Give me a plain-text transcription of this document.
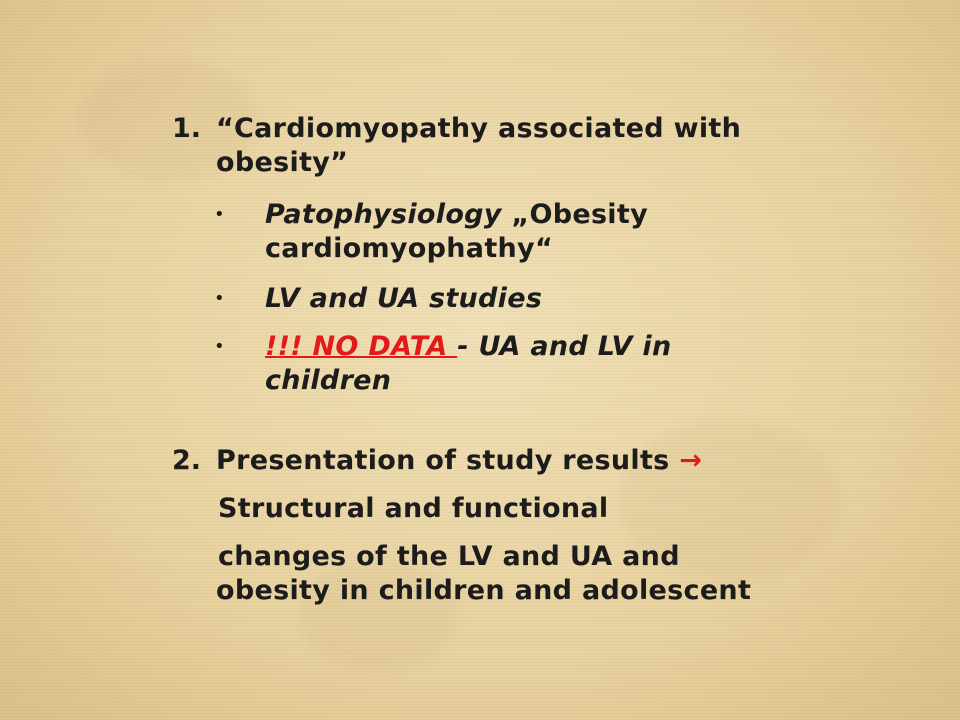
1. “Cardiomyopathy associated with
obesity”
• Patophysiology „Obesity
cardiomyophathy“
• LV and UA studies
• !!! NO DATA - UA and LV in
children
2. Presentation of study results →
Structural and functional
changes of the LV and UA and
obesity in children and adolescent
